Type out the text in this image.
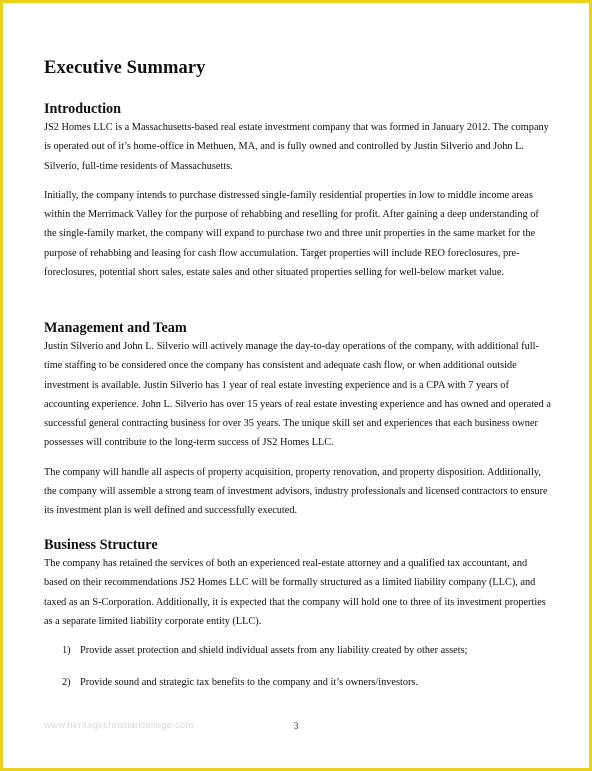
Executive Summary
Introduction

JS2 Homes LLC is a Massachusetts-based real estate investment company that was formed in January 2012. The company is operated out of it’s home-office in Methuen, MA, and is fully owned and controlled by Justin Silverio and John L. Silverio, full-time residents of Massachusetts.

Initially, the company intends to purchase distressed single-family residential properties in low to middle income areas within the Merrimack Valley for the purpose of rehabbing and reselling for profit. After gaining a deep understanding of the single-family market, the company will expand to purchase two and three unit properties in the same market for the purpose of rehabbing and leasing for cash flow accumulation. Target properties will include REO foreclosures, pre-foreclosures, potential short sales, estate sales and other situated properties selling for well-below market value.

Management and Team

Justin Silverio and John L. Silverio will actively manage the day-to-day operations of the company, with additional full-time staffing to be considered once the company has consistent and adequate cash flow, or when additional outside investment is available. Justin Silverio has 1 year of real estate investing experience and is a CPA with 7 years of accounting experience. John L. Silverio has over 15 years of real estate investing experience and has owned and operated a successful general contracting business for over 35 years. The unique skill set and experiences that each business owner possesses will contribute to the long-term success of JS2 Homes LLC.

The company will handle all aspects of property acquisition, property renovation, and property disposition. Additionally, the company will assemble a strong team of investment advisors, industry professionals and licensed contractors to ensure its investment plan is well defined and successfully executed.

Business Structure

The company has retained the services of both an experienced real-estate attorney and a qualified tax accountant, and based on their recommendations JS2 Homes LLC will be formally structured as a limited liability company (LLC), and taxed as an S-Corporation. Additionally, it is expected that the company will hold one to three of its investment properties as a separate limited liability corporate entity (LLC).

1) Provide asset protection and shield individual assets from any liability created by other assets;
2) Provide sound and strategic tax benefits to the company and it’s owners/investors.
www.heritagechristiancollege.com	3
